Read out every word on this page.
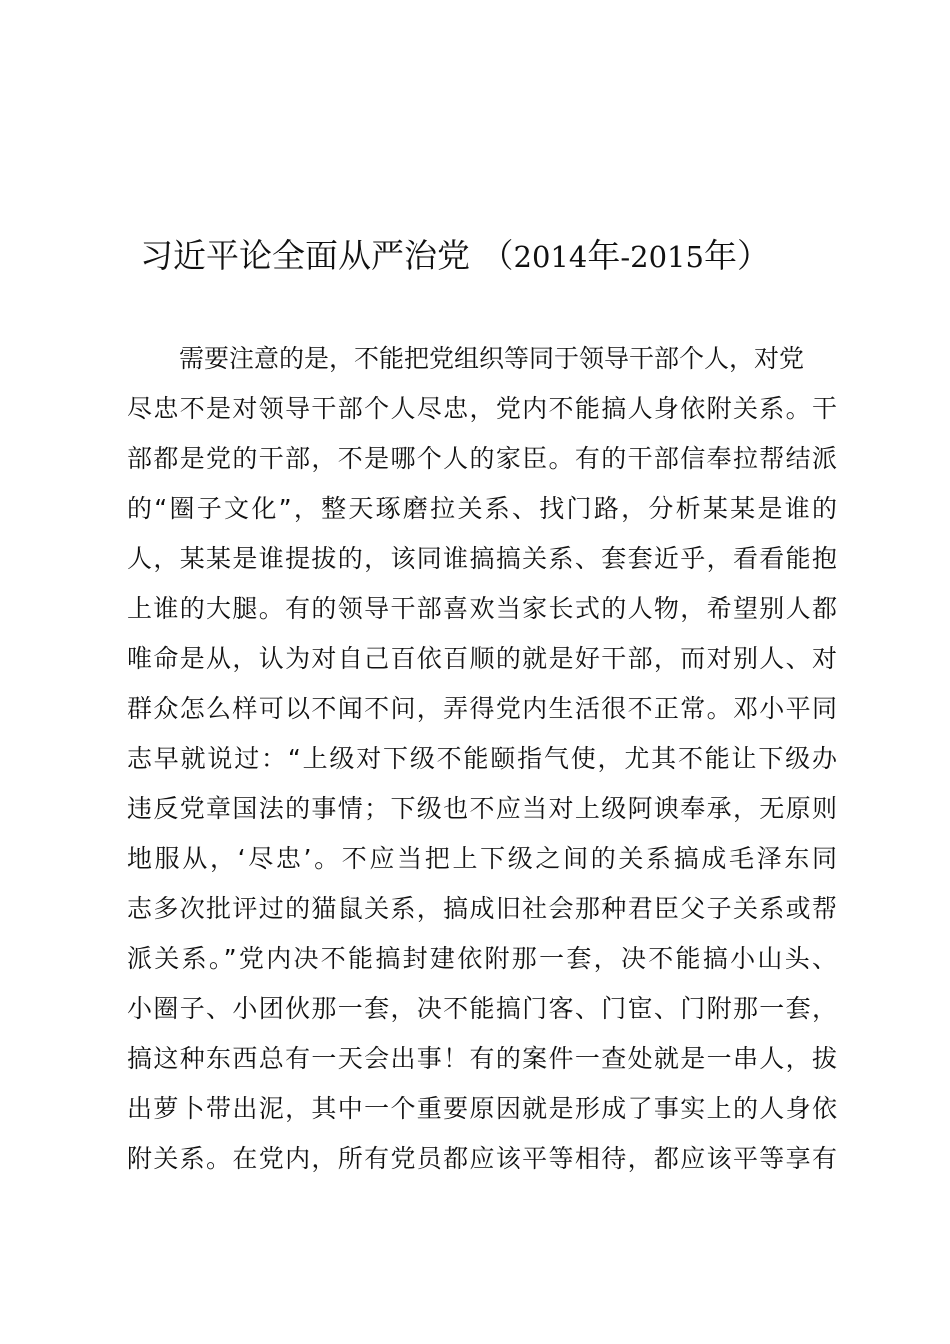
习近平论全面从严治党 （2014年-2015年）
需要注意的是，不能把党组织等同于领导干部个人，对党
尽忠不是对领导干部个人尽忠，党内不能搞人身依附关系。干
部都是党的干部，不是哪个人的家臣。有的干部信奉拉帮结派
的“圈子文化”，整天琢磨拉关系、找门路，分析某某是谁的
人，某某是谁提拔的，该同谁搞搞关系、套套近乎，看看能抱
上谁的大腿。有的领导干部喜欢当家长式的人物，希望别人都
唯命是从，认为对自己百依百顺的就是好干部，而对别人、对
群众怎么样可以不闻不问，弄得党内生活很不正常。邓小平同
志早就说过：“上级对下级不能颐指气使，尤其不能让下级办
违反党章国法的事情；下级也不应当对上级阿谀奉承，无原则
地服从，‘尽忠’。不应当把上下级之间的关系搞成毛泽东同
志多次批评过的猫鼠关系，搞成旧社会那种君臣父子关系或帮
派关系。”党内决不能搞封建依附那一套，决不能搞小山头、
小圈子、小团伙那一套，决不能搞门客、门宦、门附那一套，
搞这种东西总有一天会出事！有的案件一查处就是一串人，拔
出萝卜带出泥，其中一个重要原因就是形成了事实上的人身依
附关系。在党内，所有党员都应该平等相待，都应该平等享有
